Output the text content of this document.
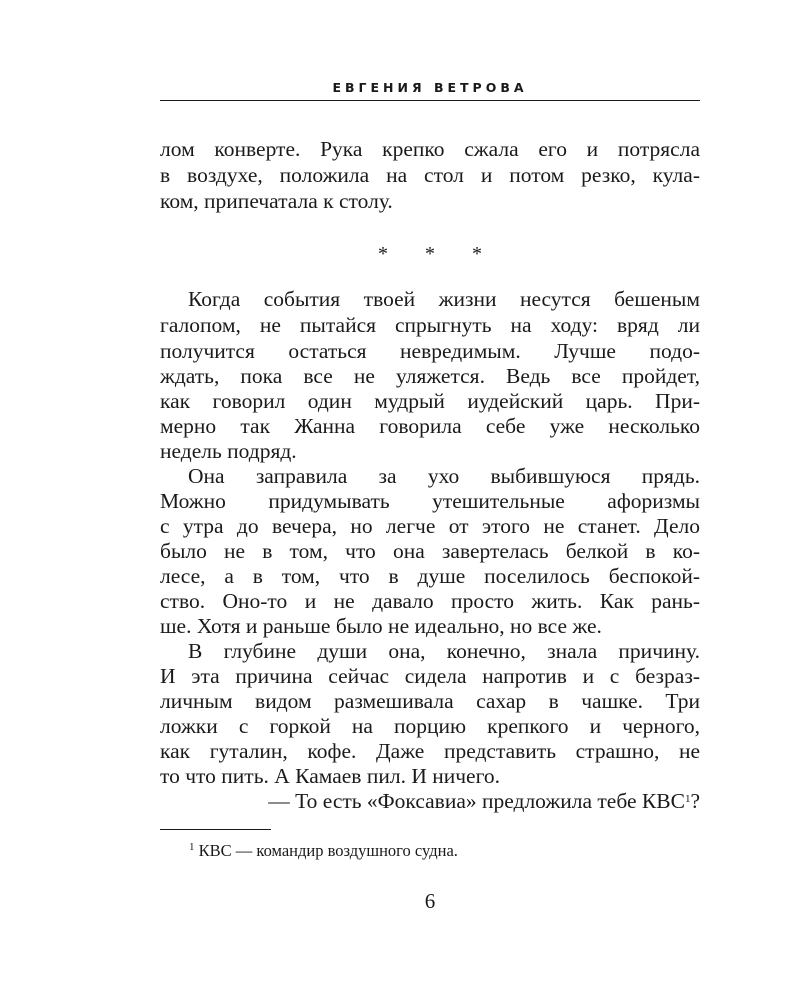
ЕВГЕНИЯ ВЕТРОВА
лом конверте. Рука крепко сжала его и потрясла
в воздухе, положила на стол и потом резко, кула-
ком, припечатала к столу.
* * *
Когда события твоей жизни несутся бешеным
галопом, не пытайся спрыгнуть на ходу: вряд ли
получится остаться невредимым. Лучше подо-
ждать, пока все не уляжется. Ведь все пройдет,
как говорил один мудрый иудейский царь. При-
мерно так Жанна говорила себе уже несколько
недель подряд.
Она заправила за ухо выбившуюся прядь.
Можно придумывать утешительные афоризмы
с утра до вечера, но легче от этого не станет. Дело
было не в том, что она завертелась белкой в ко-
лесе, а в том, что в душе поселилось беспокой-
ство. Оно-то и не давало просто жить. Как рань-
ше. Хотя и раньше было не идеально, но все же.
В глубине души она, конечно, знала причину.
И эта причина сейчас сидела напротив и с безраз-
личным видом размешивала сахар в чашке. Три
ложки с горкой на порцию крепкого и черного,
как гуталин, кофе. Даже представить страшно, не
то что пить. А Камаев пил. И ничего.
— То есть «Фоксавиа» предложила тебе КВС$^1$?
$^1$ КВС — командир воздушного судна.
6
